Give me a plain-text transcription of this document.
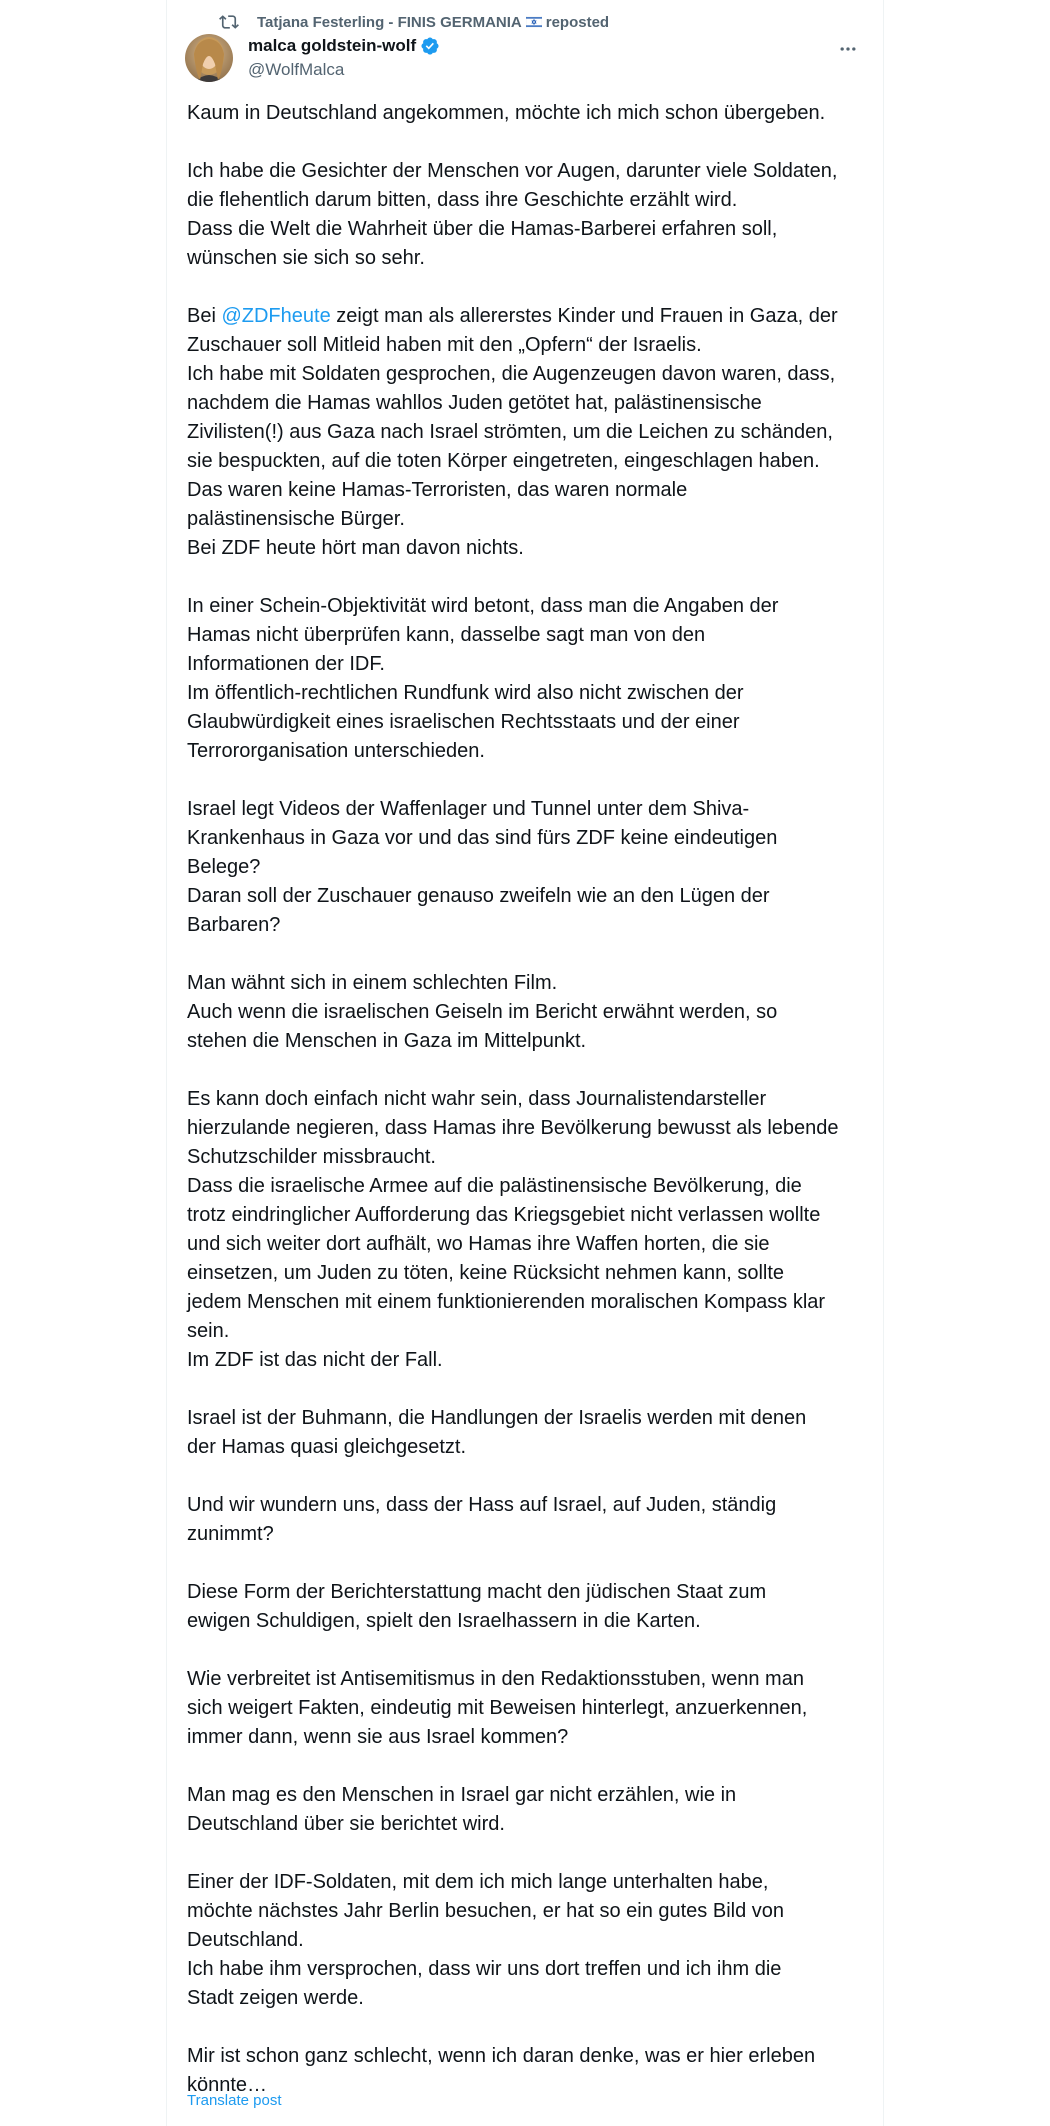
Tatjana Festerling - FINIS GERMANIA reposted
malca goldstein-wolf
@WolfMalca

Kaum in Deutschland angekommen, möchte ich mich schon übergeben.

Ich habe die Gesichter der Menschen vor Augen, darunter viele Soldaten,

die flehentlich darum bitten, dass ihre Geschichte erzählt wird.

Dass die Welt die Wahrheit über die Hamas-Barberei erfahren soll,

wünschen sie sich so sehr.

Bei @ZDFheute zeigt man als allererstes Kinder und Frauen in Gaza, der

Zuschauer soll Mitleid haben mit den „Opfern“ der Israelis.

Ich habe mit Soldaten gesprochen, die Augenzeugen davon waren, dass,

nachdem die Hamas wahllos Juden getötet hat, palästinensische

Zivilisten(!) aus Gaza nach Israel strömten, um die Leichen zu schänden,

sie bespuckten, auf die toten Körper eingetreten, eingeschlagen haben.

Das waren keine Hamas-Terroristen, das waren normale

palästinensische Bürger.

Bei ZDF heute hört man davon nichts.

In einer Schein-Objektivität wird betont, dass man die Angaben der

Hamas nicht überprüfen kann, dasselbe sagt man von den

Informationen der IDF.

Im öffentlich-rechtlichen Rundfunk wird also nicht zwischen der

Glaubwürdigkeit eines israelischen Rechtsstaats und der einer

Terrororganisation unterschieden.

Israel legt Videos der Waffenlager und Tunnel unter dem Shiva-

Krankenhaus in Gaza vor und das sind fürs ZDF keine eindeutigen

Belege?

Daran soll der Zuschauer genauso zweifeln wie an den Lügen der

Barbaren?

Man wähnt sich in einem schlechten Film.

Auch wenn die israelischen Geiseln im Bericht erwähnt werden, so

stehen die Menschen in Gaza im Mittelpunkt.

Es kann doch einfach nicht wahr sein, dass Journalistendarsteller

hierzulande negieren, dass Hamas ihre Bevölkerung bewusst als lebende

Schutzschilder missbraucht.

Dass die israelische Armee auf die palästinensische Bevölkerung, die

trotz eindringlicher Aufforderung das Kriegsgebiet nicht verlassen wollte

und sich weiter dort aufhält, wo Hamas ihre Waffen horten, die sie

einsetzen, um Juden zu töten, keine Rücksicht nehmen kann, sollte

jedem Menschen mit einem funktionierenden moralischen Kompass klar

sein.

Im ZDF ist das nicht der Fall.

Israel ist der Buhmann, die Handlungen der Israelis werden mit denen

der Hamas quasi gleichgesetzt.

Und wir wundern uns, dass der Hass auf Israel, auf Juden, ständig

zunimmt?

Diese Form der Berichterstattung macht den jüdischen Staat zum

ewigen Schuldigen, spielt den Israelhassern in die Karten.

Wie verbreitet ist Antisemitismus in den Redaktionsstuben, wenn man

sich weigert Fakten, eindeutig mit Beweisen hinterlegt, anzuerkennen,

immer dann, wenn sie aus Israel kommen?

Man mag es den Menschen in Israel gar nicht erzählen, wie in

Deutschland über sie berichtet wird.

Einer der IDF-Soldaten, mit dem ich mich lange unterhalten habe,

möchte nächstes Jahr Berlin besuchen, er hat so ein gutes Bild von

Deutschland.

Ich habe ihm versprochen, dass wir uns dort treffen und ich ihm die

Stadt zeigen werde.

Mir ist schon ganz schlecht, wenn ich daran denke, was er hier erleben

könnte…

Translate post
